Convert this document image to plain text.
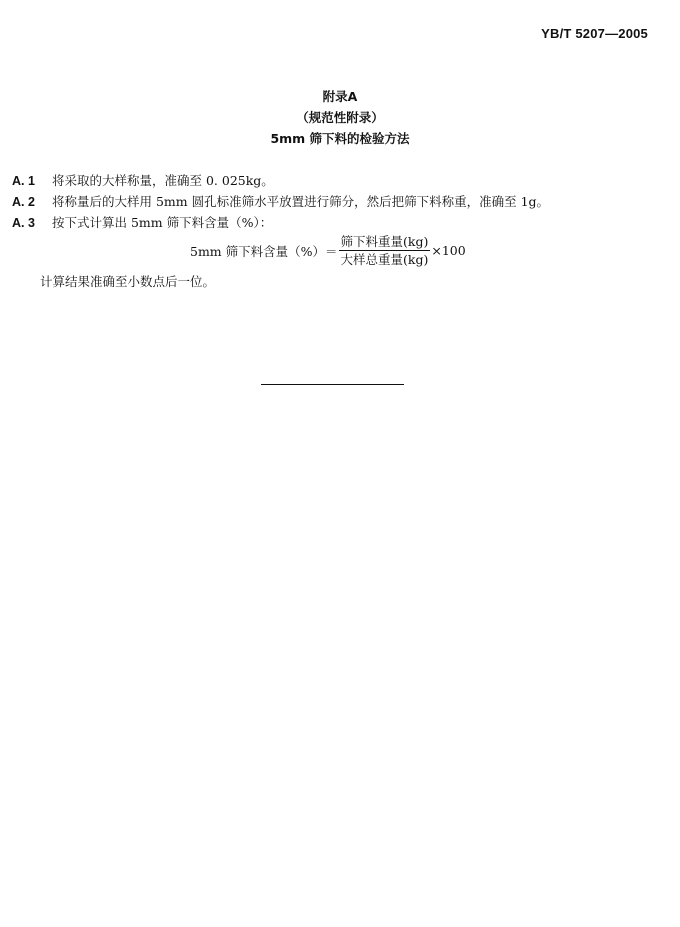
YB/T 5207—2005
附录A
（规范性附录）
5mm 筛下料的检验方法
A. 1 将采取的大样称量，准确至 0. 025kg。
A. 2 将称量后的大样用 5mm 圆孔标准筛水平放置进行筛分，然后把筛下料称重，准确至 1g。
A. 3 按下式计算出 5mm 筛下料含量（%）：
5mm 筛下料含量（%）＝ $\frac{\text{筛下料重量(kg)}}{\text{大样总重量(kg)}} \times 100$
计算结果准确至小数点后一位。
